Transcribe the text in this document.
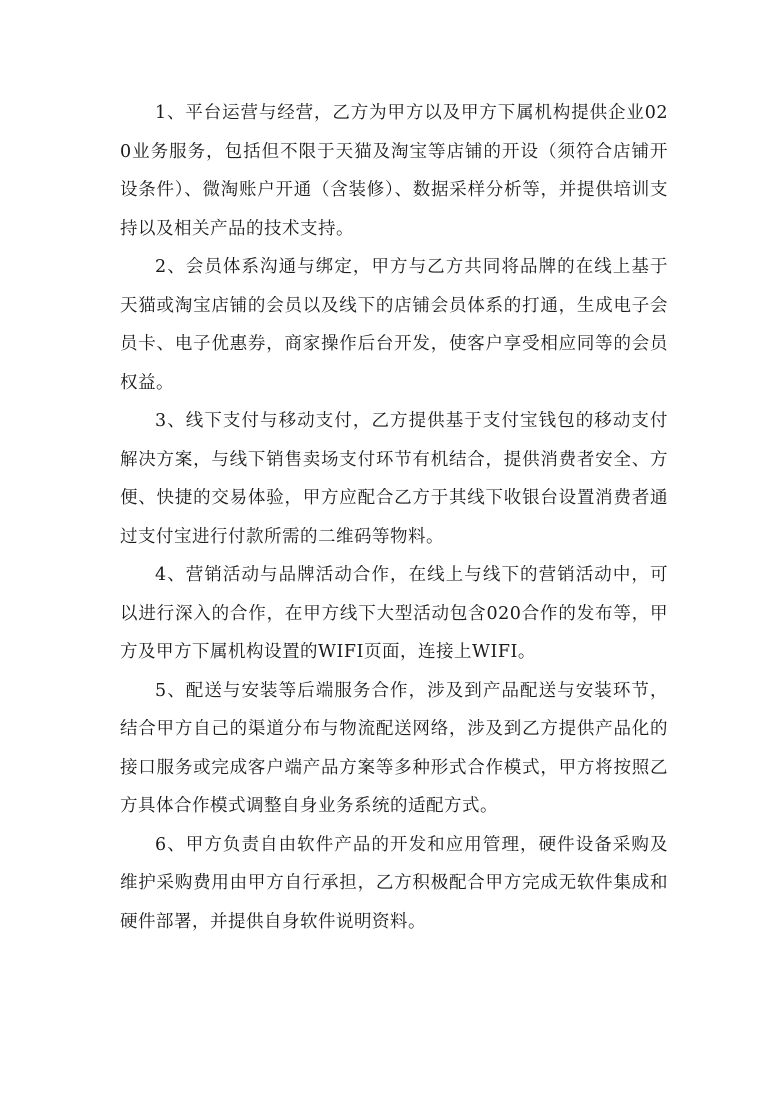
1、平台运营与经营，乙方为甲方以及甲方下属机构提供企业020业务服务，包括但不限于天猫及淘宝等店铺的开设（须符合店铺开设条件）、微淘账户开通（含装修）、数据采样分析等，并提供培训支持以及相关产品的技术支持。

2、会员体系沟通与绑定，甲方与乙方共同将品牌的在线上基于天猫或淘宝店铺的会员以及线下的店铺会员体系的打通，生成电子会员卡、电子优惠券，商家操作后台开发，使客户享受相应同等的会员权益。

3、线下支付与移动支付，乙方提供基于支付宝钱包的移动支付解决方案，与线下销售卖场支付环节有机结合，提供消费者安全、方便、快捷的交易体验，甲方应配合乙方于其线下收银台设置消费者通过支付宝进行付款所需的二维码等物料。

4、营销活动与品牌活动合作，在线上与线下的营销活动中，可以进行深入的合作，在甲方线下大型活动包含020合作的发布等，甲方及甲方下属机构设置的WIFI页面，连接上WIFI。

5、配送与安装等后端服务合作，涉及到产品配送与安装环节，结合甲方自己的渠道分布与物流配送网络，涉及到乙方提供产品化的接口服务或完成客户端产品方案等多种形式合作模式，甲方将按照乙方具体合作模式调整自身业务系统的适配方式。

6、甲方负责自由软件产品的开发和应用管理，硬件设备采购及维护采购费用由甲方自行承担，乙方积极配合甲方完成无软件集成和硬件部署，并提供自身软件说明资料。
